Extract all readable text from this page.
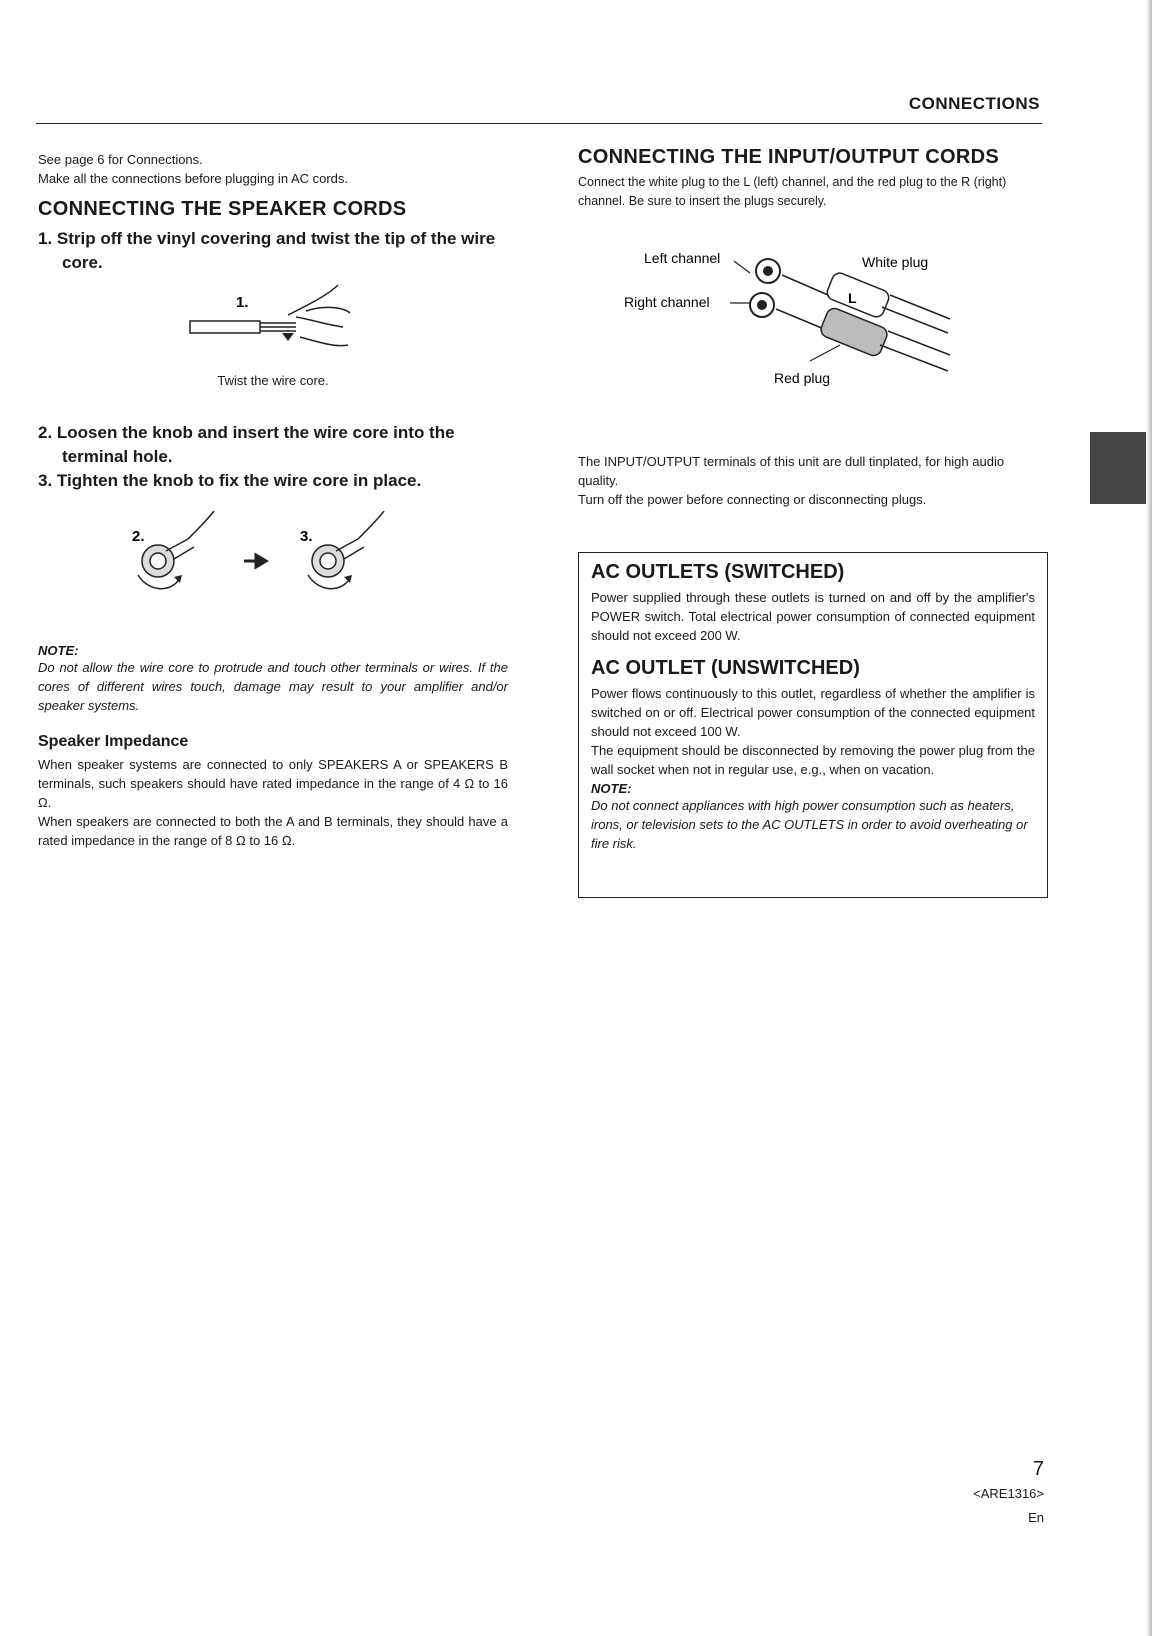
CONNECTIONS

See page 6 for Connections.

Make all the connections before plugging in AC cords.

CONNECTING THE SPEAKER CORDS

1. Strip off the vinyl covering and twist the tip of the wire core.

1.
Twist the wire core.

2. Loosen the knob and insert the wire core into the terminal hole.

3. Tighten the knob to fix the wire core in place.

2.	3.

NOTE:

Do not allow the wire core to protrude and touch other terminals or wires. If the cores of different wires touch, damage may result to your amplifier and/or speaker systems.

Speaker Impedance

When speaker systems are connected to only SPEAKERS A or SPEAKERS B terminals, such speakers should have rated impedance in the range of 4 Ω to 16 Ω.

When speakers are connected to both the A and B terminals, they should have a rated impedance in the range of 8 Ω to 16 Ω.

CONNECTING THE INPUT/OUTPUT CORDS

Connect the white plug to the L (left) channel, and the red plug to the R (right) channel. Be sure to insert the plugs securely.

Left channel
Right channel
White plug
Red plug
L

The INPUT/OUTPUT terminals of this unit are dull tinplated, for high audio quality.

Turn off the power before connecting or disconnecting plugs.

AC OUTLETS (SWITCHED)

Power supplied through these outlets is turned on and off by the amplifier's POWER switch. Total electrical power consumption of connected equipment should not exceed 200 W.

AC OUTLET (UNSWITCHED)

Power flows continuously to this outlet, regardless of whether the amplifier is switched on or off. Electrical power consumption of the connected equipment should not exceed 100 W.

The equipment should be disconnected by removing the power plug from the wall socket when not in regular use, e.g., when on vacation.

NOTE:

Do not connect appliances with high power consumption such as heaters, irons, or television sets to the AC OUTLETS in order to avoid overheating or fire risk.

7
<ARE1316>
En
